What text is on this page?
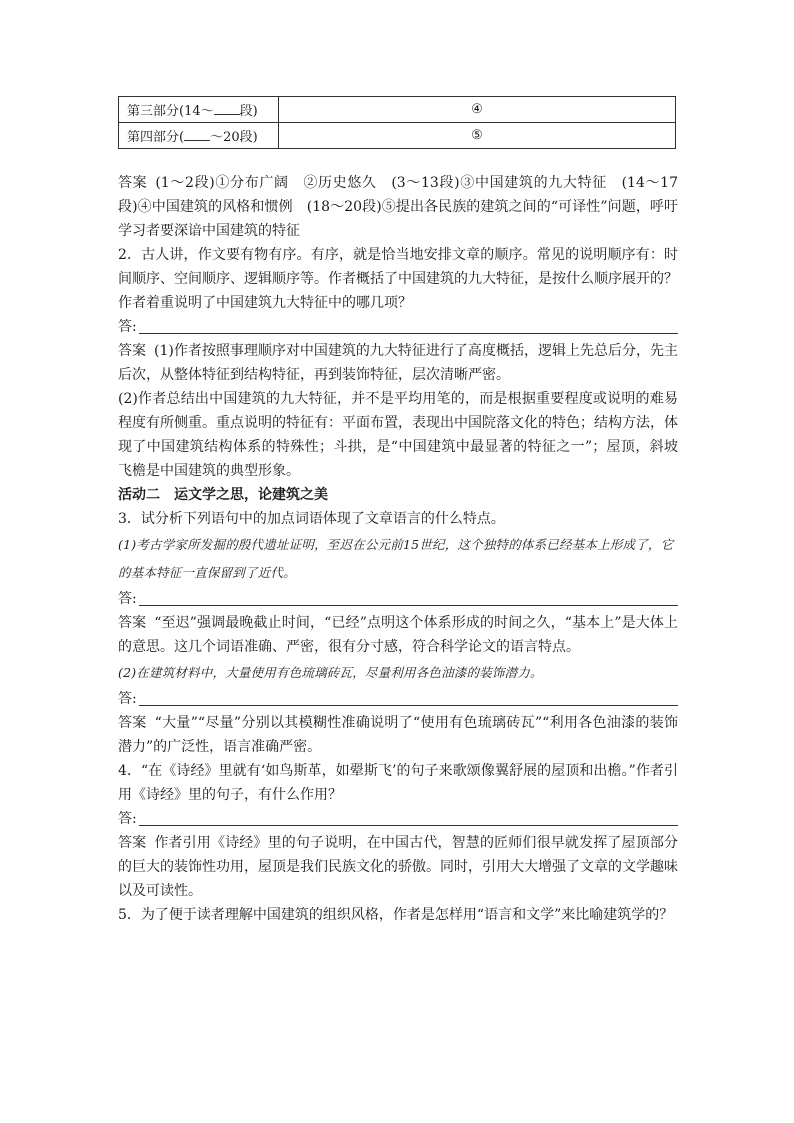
第三部分(14～ 段)	④
第四部分( ～20段)	⑤

答案 (1～2段)①分布广阔　②历史悠久　(3～13段)③中国建筑的九大特征　(14～17段)④中国建筑的风格和惯例　(18～20段)⑤提出各民族的建筑之间的“可译性”问题，呼吁学习者要深谙中国建筑的特征

2．古人讲，作文要有物有序。有序，就是恰当地安排文章的顺序。常见的说明顺序有：时间顺序、空间顺序、逻辑顺序等。作者概括了中国建筑的九大特征，是按什么顺序展开的？作者着重说明了中国建筑九大特征中的哪几项？

答:

答案 (1)作者按照事理顺序对中国建筑的九大特征进行了高度概括，逻辑上先总后分，先主后次，从整体特征到结构特征，再到装饰特征，层次清晰严密。

(2)作者总结出中国建筑的九大特征，并不是平均用笔的，而是根据重要程度或说明的难易程度有所侧重。重点说明的特征有：平面布置，表现出中国院落文化的特色；结构方法，体现了中国建筑结构体系的特殊性；斗拱，是“中国建筑中最显著的特征之一”；屋顶，斜坡飞檐是中国建筑的典型形象。

活动二　运文学之思，论建筑之美

3．试分析下列语句中的加点词语体现了文章语言的什么特点。

(1)考古学家所发掘的殷代遗址证明，至迟在公元前15世纪，这个独特的体系已经基本上形成了，它的基本特征一直保留到了近代。

答:

答案 “至迟”强调最晚截止时间，“已经”点明这个体系形成的时间之久，“基本上”是大体上的意思。这几个词语准确、严密，很有分寸感，符合科学论文的语言特点。

(2)在建筑材料中，大量使用有色琉璃砖瓦，尽量利用各色油漆的装饰潜力。

答:

答案 “大量”“尽量”分别以其模糊性准确说明了“使用有色琉璃砖瓦”“利用各色油漆的装饰潜力”的广泛性，语言准确严密。

4．“在《诗经》里就有‘如鸟斯革，如翚斯飞’的句子来歌颂像翼舒展的屋顶和出檐。”作者引用《诗经》里的句子，有什么作用？

答:

答案 作者引用《诗经》里的句子说明，在中国古代，智慧的匠师们很早就发挥了屋顶部分的巨大的装饰性功用，屋顶是我们民族文化的骄傲。同时，引用大大增强了文章的文学趣味以及可读性。

5．为了便于读者理解中国建筑的组织风格，作者是怎样用“语言和文学”来比喻建筑学的？
